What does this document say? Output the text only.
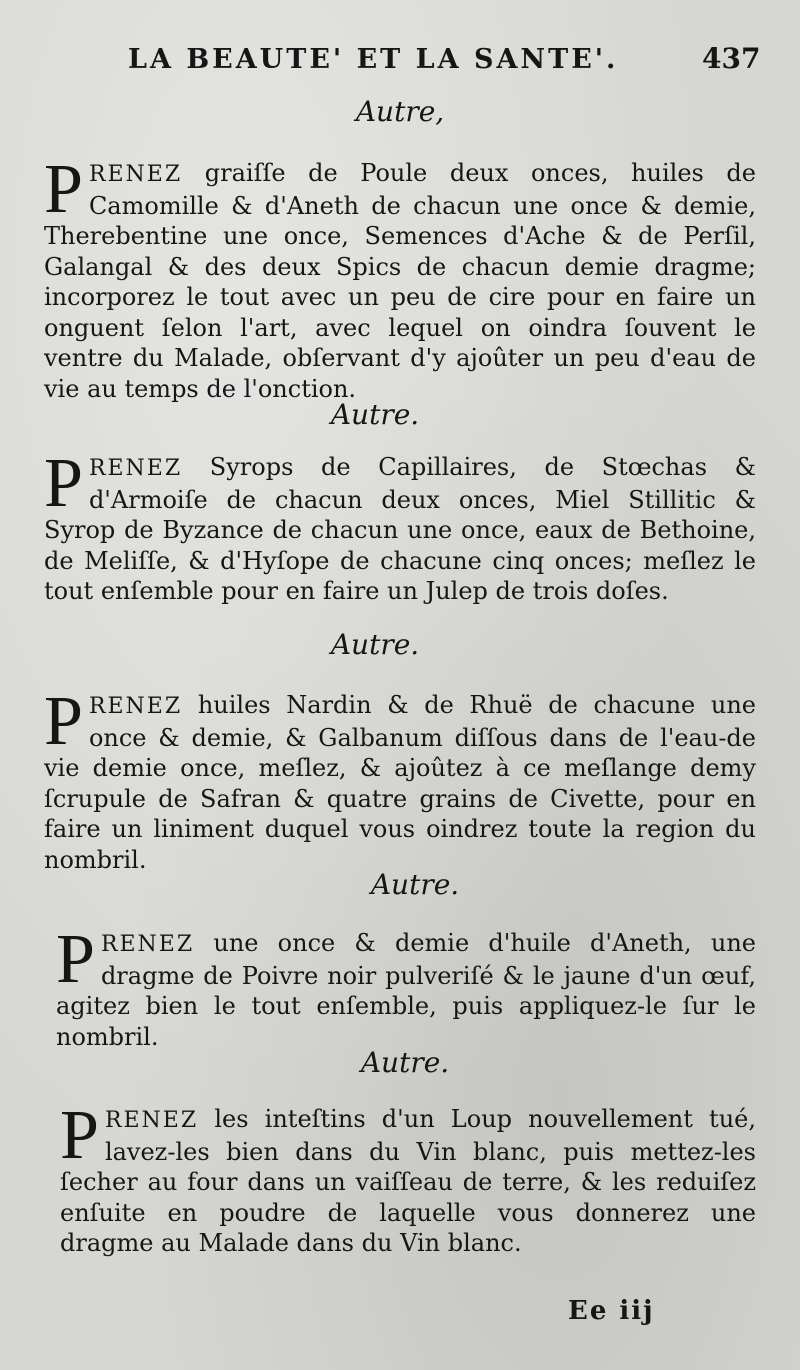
LA BEAUTE' ET LA SANTE'.	437
Autre,
P RENEZ graiſſe de Poule deux onces, huiles de Camomille & d'Aneth de chacun une once & demie, Therebentine une once, Semences d'Ache & de Perſil, Galangal & des deux Spics de chacun demie dragme; incorporez le tout avec un peu de cire pour en faire un onguent ſelon l'art, avec lequel on oindra ſouvent le ventre du Malade, obſervant d'y ajoûter un peu d'eau de vie au temps de l'onction.
Autre.
P RENEZ Syrops de Capillaires, de Stœchas & d'Armoiſe de chacun deux onces, Miel Stillitic & Syrop de Byzance de chacun une once, eaux de Bethoine, de Meliſſe, & d'Hyſope de chacune cinq onces; meſlez le tout enſemble pour en faire un Julep de trois doſes.
Autre.
P RENEZ huiles Nardin & de Rhuë de chacune une once & demie, & Galbanum diſſous dans de l'eau-de vie demie once, meſlez, & ajoûtez à ce meſlange demy ſcrupule de Safran & quatre grains de Civette, pour en faire un liniment duquel vous oindrez toute la region du nombril.
Autre.
P RENEZ une once & demie d'huile d'Aneth, une dragme de Poivre noir pulveriſé & le jaune d'un œuf, agitez bien le tout enſemble, puis appliquez-le ſur le nombril.
Autre.
P RENEZ les inteſtins d'un Loup nouvellement tué, lavez-les bien dans du Vin blanc, puis mettez-les ſecher au four dans un vaiſſeau de terre, & les reduiſez enſuite en poudre de laquelle vous donnerez une dragme au Malade dans du Vin blanc.
Ee iij
